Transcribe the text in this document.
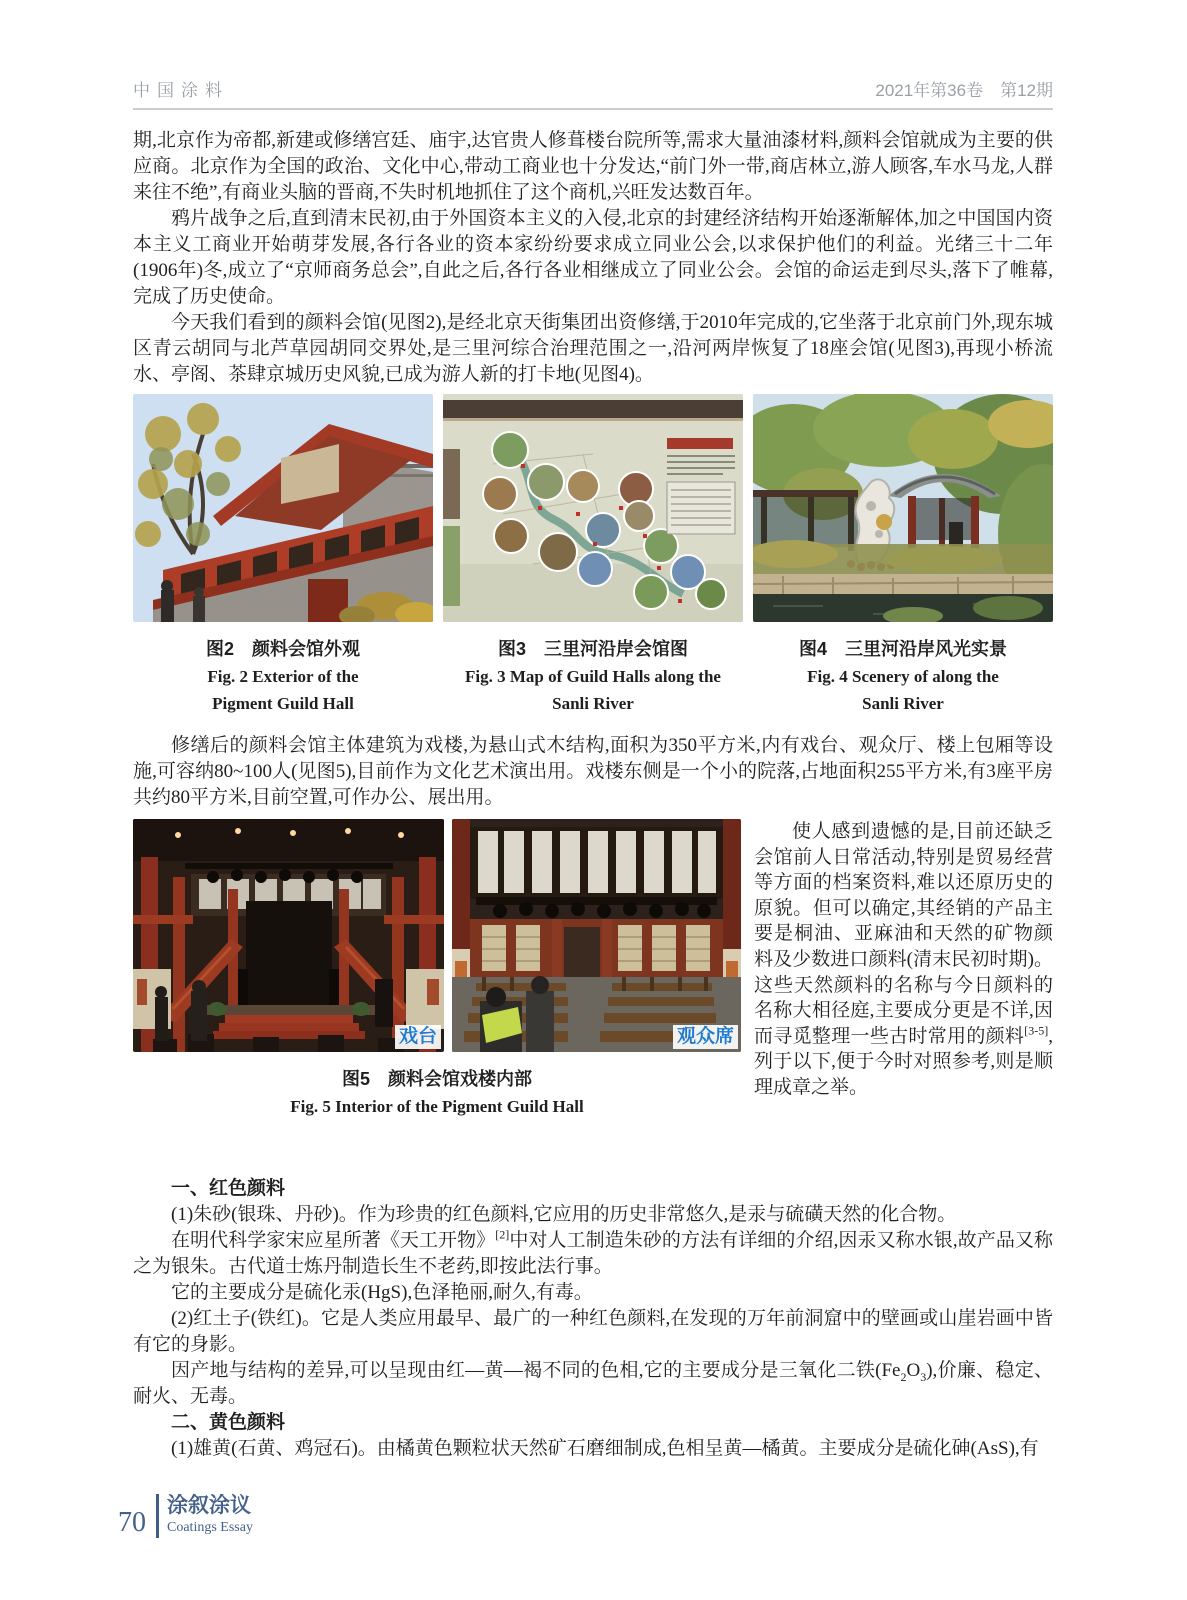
中国涂料	2021年第36卷　第12期

期,北京作为帝都,新建或修缮宫廷、庙宇,达官贵人修葺楼台院所等,需求大量油漆材料,颜料会馆就成为主要的供应商。北京作为全国的政治、文化中心,带动工商业也十分发达,“前门外一带,商店林立,游人顾客,车水马龙,人群来往不绝”,有商业头脑的晋商,不失时机地抓住了这个商机,兴旺发达数百年。

鸦片战争之后,直到清末民初,由于外国资本主义的入侵,北京的封建经济结构开始逐渐解体,加之中国国内资本主义工商业开始萌芽发展,各行各业的资本家纷纷要求成立同业公会,以求保护他们的利益。光绪三十二年(1906年)冬,成立了“京师商务总会”,自此之后,各行各业相继成立了同业公会。会馆的命运走到尽头,落下了帷幕,完成了历史使命。

今天我们看到的颜料会馆(见图2),是经北京天街集团出资修缮,于2010年完成的,它坐落于北京前门外,现东城区青云胡同与北芦草园胡同交界处,是三里河综合治理范围之一,沿河两岸恢复了18座会馆(见图3),再现小桥流水、亭阁、茶肆京城历史风貌,已成为游人新的打卡地(见图4)。

图2　颜料会馆外观
Fig. 2 Exterior of the
Pigment Guild Hall
图3　三里河沿岸会馆图
Fig. 3 Map of Guild Halls along the
Sanli River
图4　三里河沿岸风光实景
Fig. 4 Scenery of along the
Sanli River

修缮后的颜料会馆主体建筑为戏楼,为悬山式木结构,面积为350平方米,内有戏台、观众厅、楼上包厢等设施,可容纳80~100人(见图5),目前作为文化艺术演出用。戏楼东侧是一个小的院落,占地面积255平方米,有3座平房共约80平方米,目前空置,可作办公、展出用。

戏台	观众席
图5　颜料会馆戏楼内部
Fig. 5 Interior of the Pigment Guild Hall

使人感到遗憾的是,目前还缺乏会馆前人日常活动,特别是贸易经营等方面的档案资料,难以还原历史的原貌。但可以确定,其经销的产品主要是桐油、亚麻油和天然的矿物颜料及少数进口颜料(清末民初时期)。这些天然颜料的名称与今日颜料的名称大相径庭,主要成分更是不详,因而寻觅整理一些古时常用的颜料[3-5],列于以下,便于今时对照参考,则是顺理成章之举。

一、红色颜料

(1)朱砂(银珠、丹砂)。作为珍贵的红色颜料,它应用的历史非常悠久,是汞与硫磺天然的化合物。

在明代科学家宋应星所著《天工开物》[2]中对人工制造朱砂的方法有详细的介绍,因汞又称水银,故产品又称之为银朱。古代道士炼丹制造长生不老药,即按此法行事。

它的主要成分是硫化汞(HgS),色泽艳丽,耐久,有毒。

(2)红土子(铁红)。它是人类应用最早、最广的一种红色颜料,在发现的万年前洞窟中的壁画或山崖岩画中皆有它的身影。

因产地与结构的差异,可以呈现由红—黄—褐不同的色相,它的主要成分是三氧化二铁$(Fe_2O_3)$,价廉、稳定、耐火、无毒。

二、黄色颜料

(1)雄黄(石黄、鸡冠石)。由橘黄色颗粒状天然矿石磨细制成,色相呈黄—橘黄。主要成分是硫化砷(AsS),有

70
涂叙涂议
Coatings Essay
